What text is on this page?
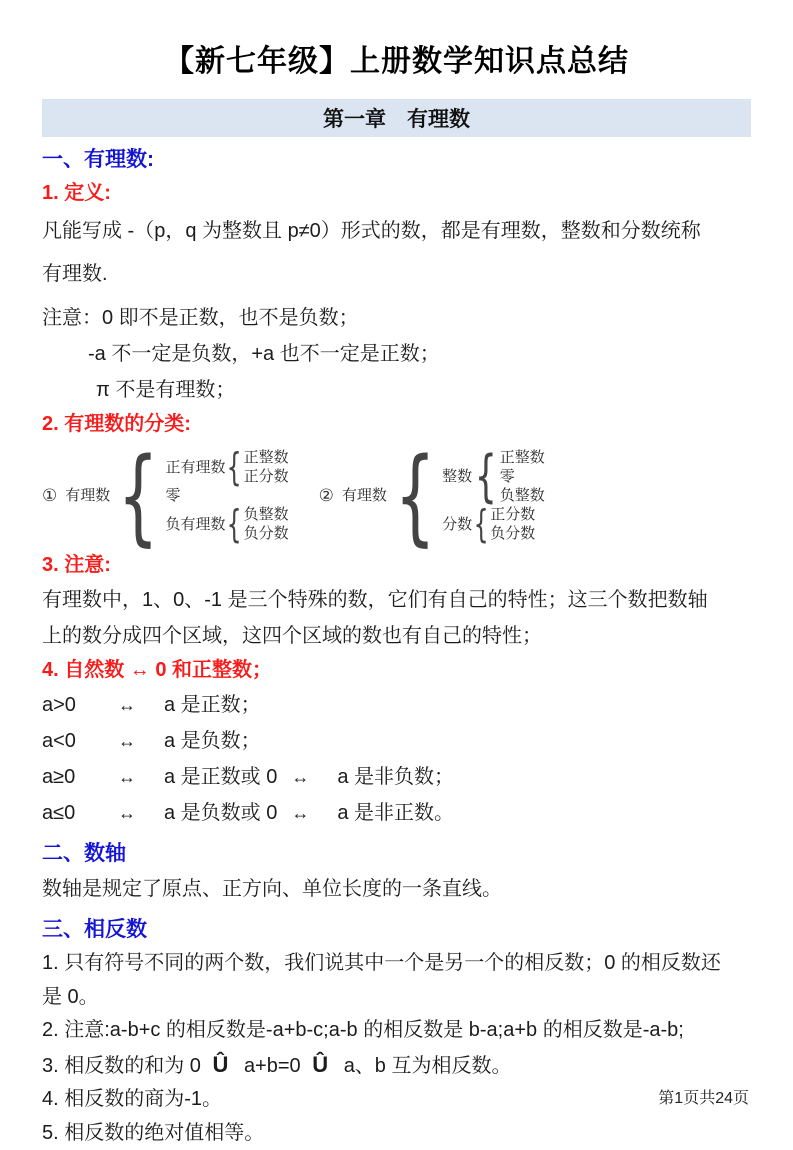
【新七年级】上册数学知识点总结
第一章　有理数
一、有理数:
1. 定义:
凡能写成 -（p，q 为整数且 p≠0）形式的数，都是有理数，整数和分数统称
有理数.
注意：0 即不是正数，也不是负数；
-a 不一定是负数，+a 也不一定是正数；
π 不是有理数；
2. 有理数的分类:
① 有理数 { 正有理数 { 正整数
正分数
零
负有理数 { 负整数
负分数
② 有理数 { 整数 { 正整数
零
负整数
分数 { 正分数
负分数
3. 注意:
有理数中，1、0、-1 是三个特殊的数，它们有自己的特性；这三个数把数轴
上的数分成四个区域，这四个区域的数也有自己的特性；
4. 自然数 ↔ 0 和正整数；
a>0	↔ a 是正数；
a<0	↔ a 是负数；
a≥0	↔ a 是正数或 0 ↔ a 是非负数；
a≤0	↔ a 是负数或 0 ↔ a 是非正数。
二、数轴
数轴是规定了原点、正方向、单位长度的一条直线。
三、相反数
1. 只有符号不同的两个数，我们说其中一个是另一个的相反数；0 的相反数还
是 0。
2. 注意:a-b+c 的相反数是-a+b-c;a-b 的相反数是 b-a;a+b 的相反数是-a-b;
3. 相反数的和为 0 Û a+b=0 Û a、b 互为相反数。
4. 相反数的商为-1。
5. 相反数的绝对值相等。
第1页共24页
